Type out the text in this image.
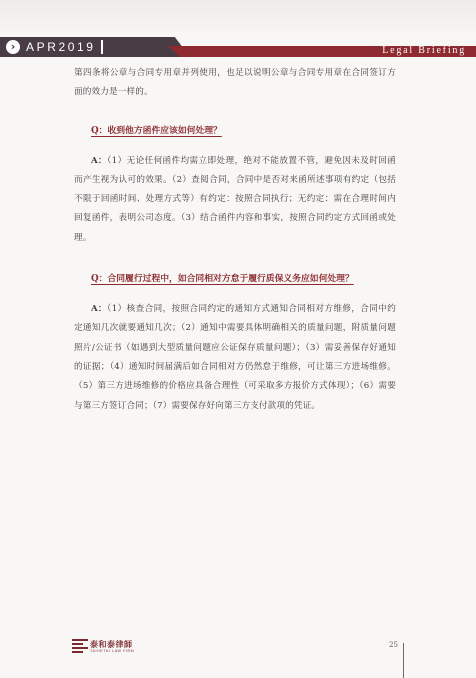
› APR2019	Legal Briefing

第四条将公章与合同专用章并列使用，也足以说明公章与合同专用章在合同签订方面的效力是一样的。

Q：收到他方函件应该如何处理？

A：（1）无论任何函件均需立即处理，绝对不能放置不管，避免因未及时回函而产生视为认可的效果。（2）查阅合同，合同中是否对来函所述事项有约定（包括不限于回函时间、处理方式等）有约定：按照合同执行；无约定：需在合理时间内回复函件，表明公司态度。（3）结合函件内容和事实，按照合同约定方式回函或处理。

Q：合同履行过程中，如合同相对方怠于履行质保义务应如何处理？

A：（1）核查合同，按照合同约定的通知方式通知合同相对方维修，合同中约定通知几次就要通知几次；（2）通知中需要具体明确相关的质量问题，附质量问题照片/公证书（如遇到大型质量问题应公证保存质量问题）；（3）需妥善保存好通知的证据；（4）通知时间届满后如合同相对方仍然怠于维修，可让第三方进场维修。（5）第三方进场维修的价格应具备合理性（可采取多方报价方式体现）；（6）需要与第三方签订合同；（7）需要保存好向第三方支付款项的凭证。

泰和泰律師
TAIHETAI LAW FIRM
25
